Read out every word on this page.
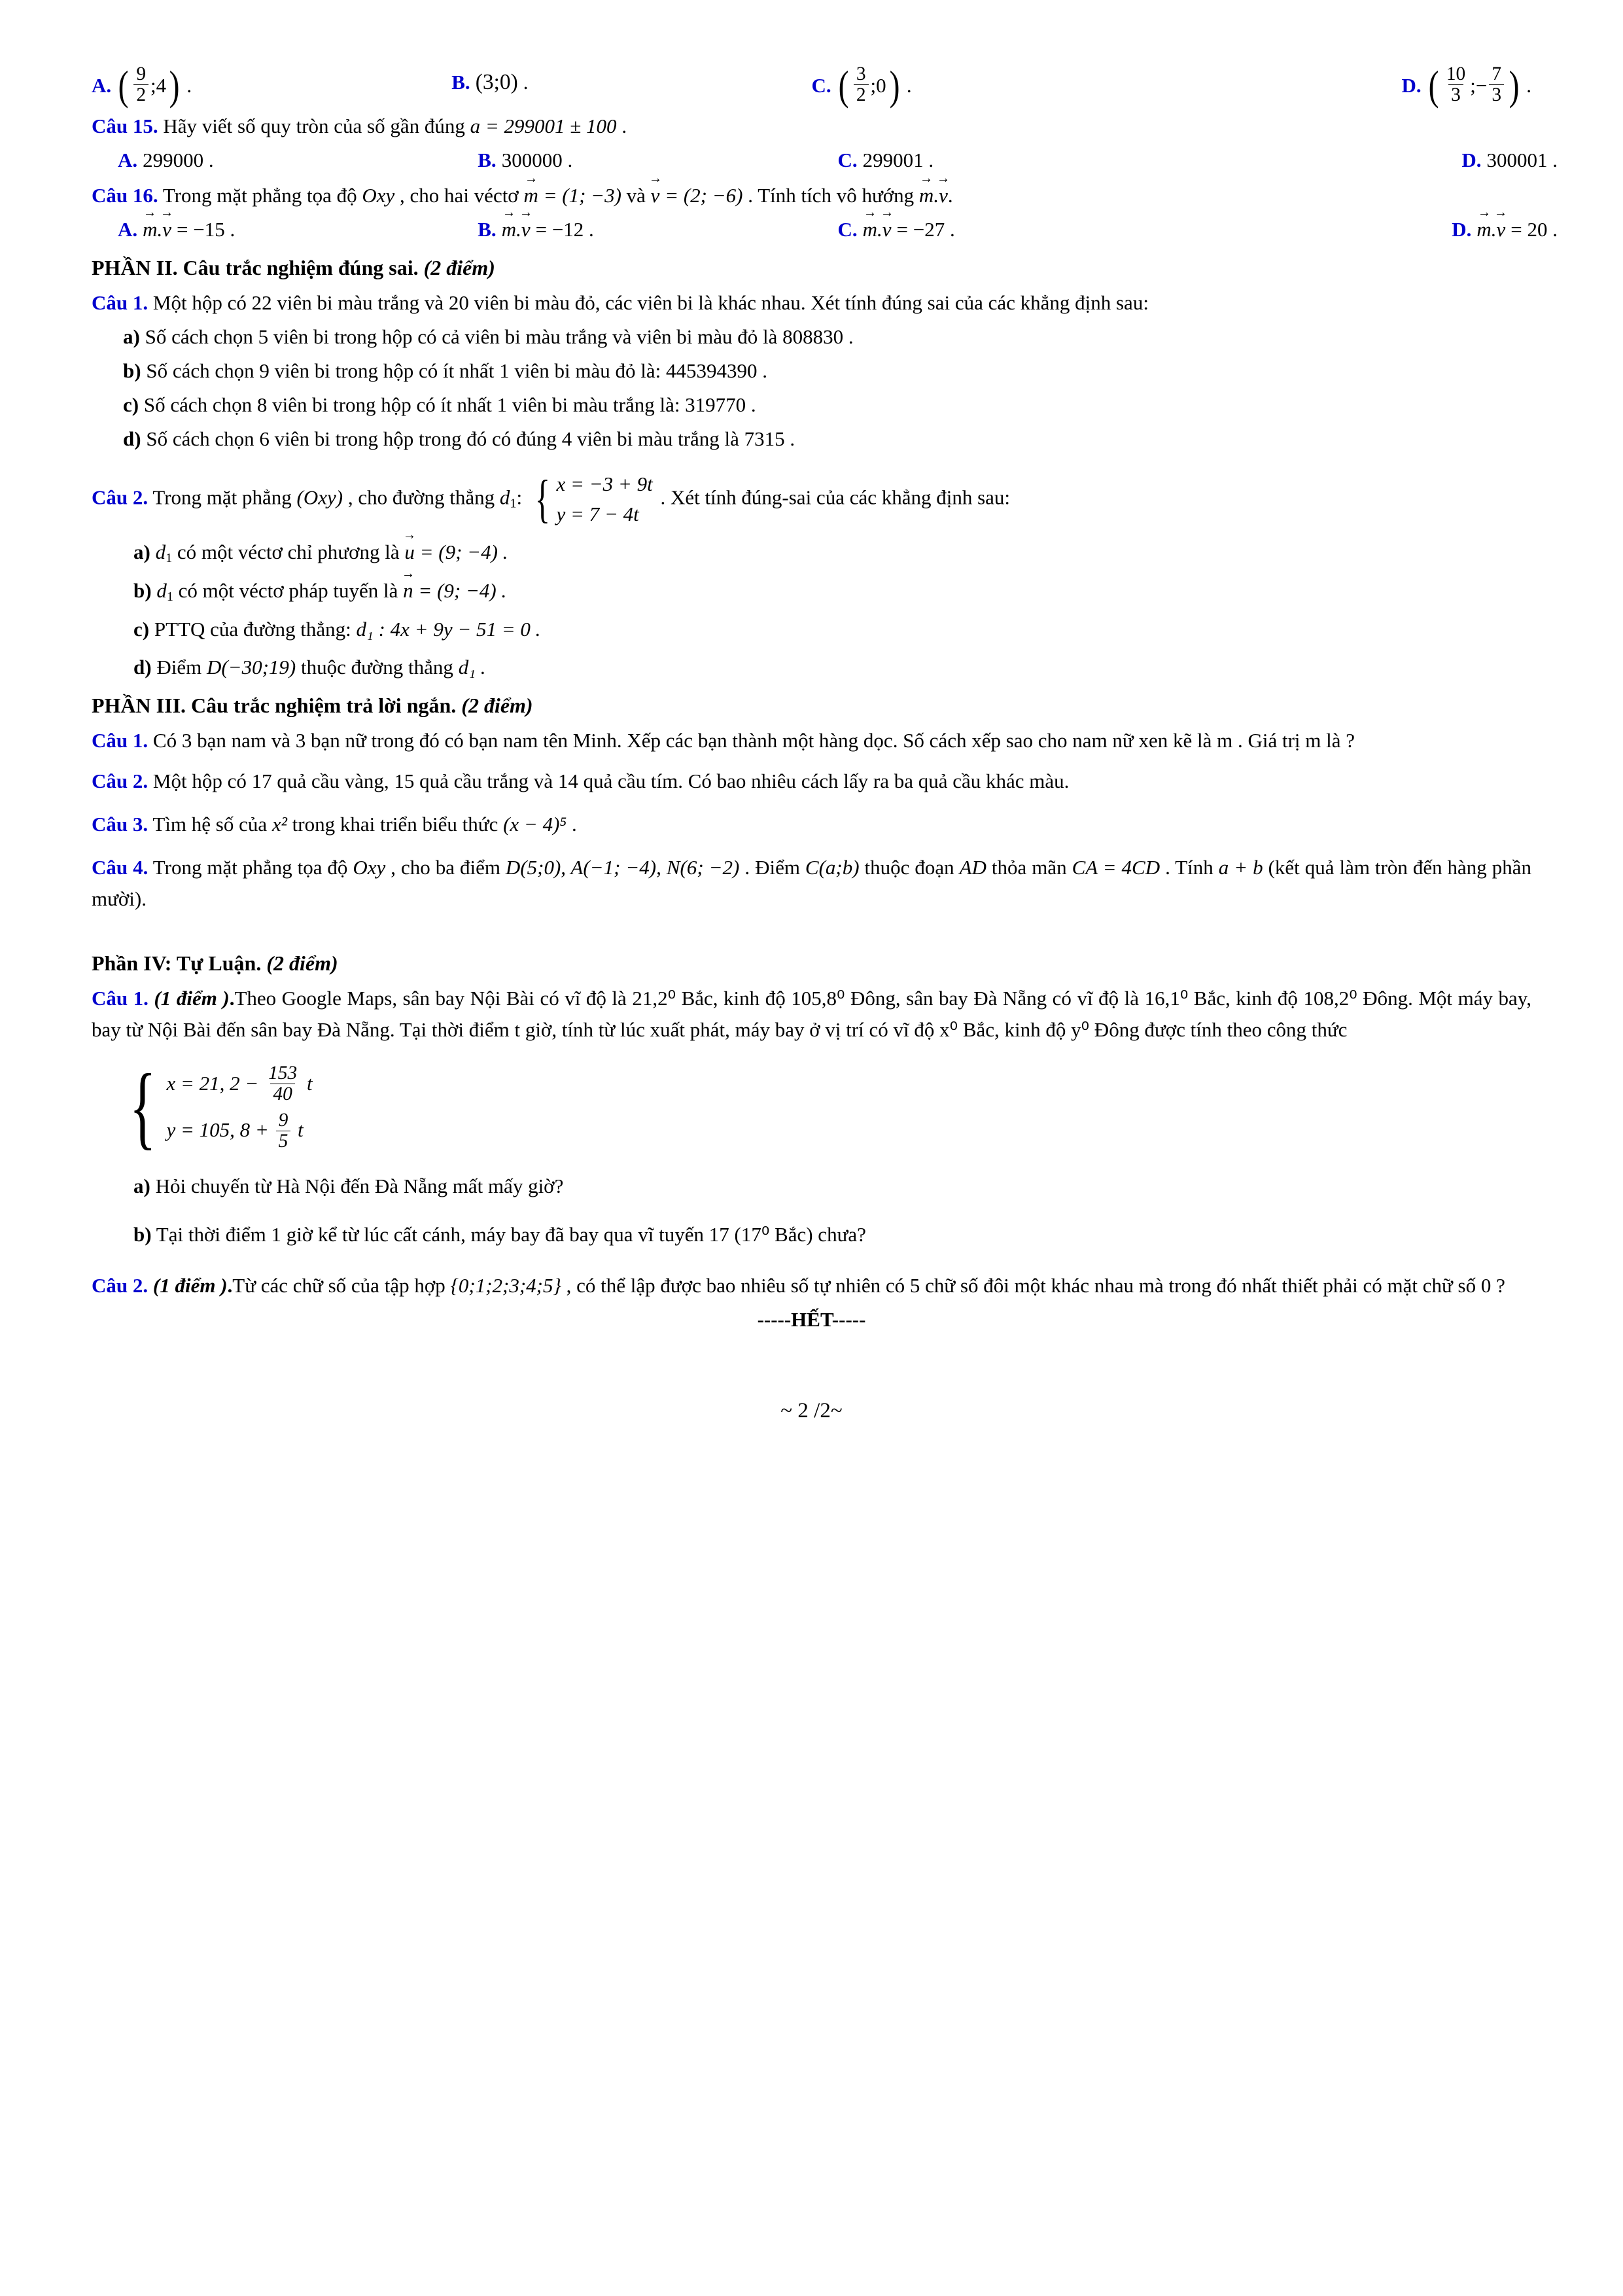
A. ( $\frac{9}{2}$ ;4 ) .	B. (3;0) .	C. ( $\frac{3}{2}$ ;0 ) .	D. ( $\frac{10}{3}$ ;− $\frac{7}{3}$ ) .
Câu 15. Hãy viết số quy tròn của số gần đúng a = 299001 ± 100 .
A. 299000 .	B. 300000 .	C. 299001 .	D. 300001 .
Câu 16. Trong mặt phẳng tọa độ Oxy , cho hai véctơ m → = (1; −3) và v → = (2; −6) . Tính tích vô hướng m →.v →.
A. m →.v → = −15 .	B. m →.v → = −12 .	C. m →.v → = −27 .	D. m →.v → = 20 .
PHẦN II. Câu trắc nghiệm đúng sai. (2 điểm)
Câu 1. Một hộp có 22 viên bi màu trắng và 20 viên bi màu đỏ, các viên bi là khác nhau. Xét tính đúng sai của các khẳng định sau:
a) Số cách chọn 5 viên bi trong hộp có cả viên bi màu trắng và viên bi màu đỏ là 808830 .
b) Số cách chọn 9 viên bi trong hộp có ít nhất 1 viên bi màu đỏ là: 445394390 .
c) Số cách chọn 8 viên bi trong hộp có ít nhất 1 viên bi màu trắng là: 319770 .
d) Số cách chọn 6 viên bi trong hộp trong đó có đúng 4 viên bi màu trắng là 7315 .
Câu 2. Trong mặt phẳng (Oxy) , cho đường thẳng $d_1$: { x = −3 + 9t
y = 7 − 4t
. Xét tính đúng-sai của các khẳng định sau:
a) $d_1$ có một véctơ chỉ phương là u → = (9; −4) .
b) $d_1$ có một véctơ pháp tuyến là n → = (9; −4) .
c) PTTQ của đường thẳng: d₁ : 4x + 9y − 51 = 0 .
d) Điểm D(−30;19) thuộc đường thẳng d₁ .
PHẦN III. Câu trắc nghiệm trả lời ngắn. (2 điểm)
Câu 1. Có 3 bạn nam và 3 bạn nữ trong đó có bạn nam tên Minh. Xếp các bạn thành một hàng dọc. Số cách xếp sao cho nam nữ xen kẽ là m . Giá trị m là ?
Câu 2. Một hộp có 17 quả cầu vàng, 15 quả cầu trắng và 14 quả cầu tím. Có bao nhiêu cách lấy ra ba quả cầu khác màu.
Câu 3. Tìm hệ số của x² trong khai triển biểu thức (x − 4)⁵ .
Câu 4. Trong mặt phẳng tọa độ Oxy , cho ba điểm D(5;0), A(−1; −4), N(6; −2) . Điểm C(a;b) thuộc đoạn AD thỏa mãn CA = 4CD . Tính a + b (kết quả làm tròn đến hàng phần mười).
Phần IV: Tự Luận. (2 điểm)
Câu 1. (1 điểm ).Theo Google Maps, sân bay Nội Bài có vĩ độ là 21,2⁰ Bắc, kinh độ 105,8⁰ Đông, sân bay Đà Nẵng có vĩ độ là 16,1⁰ Bắc, kinh độ 108,2⁰ Đông. Một máy bay, bay từ Nội Bài đến sân bay Đà Nẵng. Tại thời điểm t giờ, tính từ lúc xuất phát, máy bay ở vị trí có vĩ độ x⁰ Bắc, kinh độ y⁰ Đông được tính theo công thức
{ x = 21, $2 - \frac{153}{40}$ t
y = 105, $8 + \frac{9}{5}$ t
a) Hỏi chuyến từ Hà Nội đến Đà Nẵng mất mấy giờ?
b) Tại thời điểm 1 giờ kể từ lúc cất cánh, máy bay đã bay qua vĩ tuyến 17 (17⁰ Bắc) chưa?
Câu 2. (1 điểm ).Từ các chữ số của tập hợp {0;1;2;3;4;5} , có thể lập được bao nhiêu số tự nhiên có 5 chữ số đôi một khác nhau mà trong đó nhất thiết phải có mặt chữ số 0 ?
-----HẾT-----
~ 2 /2~
